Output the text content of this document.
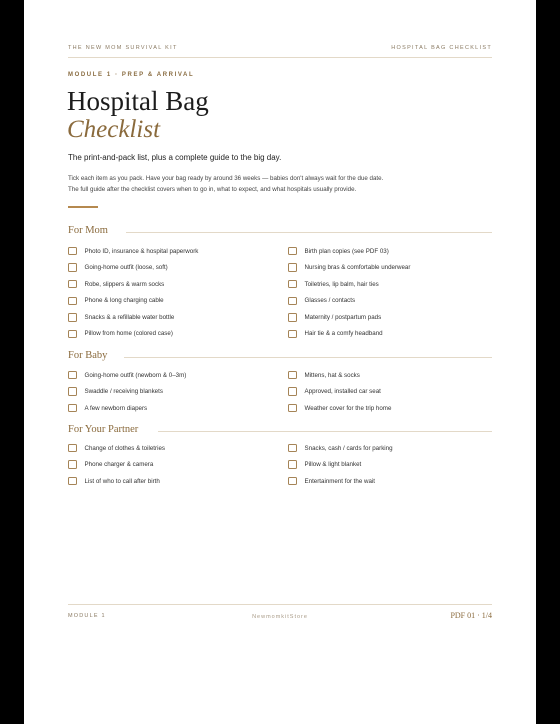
THE NEW MOM SURVIVAL KIT	HOSPITAL BAG CHECKLIST
MODULE 1 · PREP & ARRIVAL
Hospital Bag
Checklist
The print-and-pack list, plus a complete guide to the big day.
Tick each item as you pack. Have your bag ready by around 36 weeks — babies don't always wait for the due date.
The full guide after the checklist covers when to go in, what to expect, and what hospitals usually provide.
For Mom
Photo ID, insurance & hospital paperwork
Going-home outfit (loose, soft)
Robe, slippers & warm socks
Phone & long charging cable
Snacks & a refillable water bottle
Pillow from home (colored case)
Birth plan copies (see PDF 03)
Nursing bras & comfortable underwear
Toiletries, lip balm, hair ties
Glasses / contacts
Maternity / postpartum pads
Hair tie & a comfy headband
For Baby
Going-home outfit (newborn & 0–3m)
Swaddle / receiving blankets
A few newborn diapers
Mittens, hat & socks
Approved, installed car seat
Weather cover for the trip home
For Your Partner
Change of clothes & toiletries
Phone charger & camera
List of who to call after birth
Snacks, cash / cards for parking
Pillow & light blanket
Entertainment for the wait
MODULE 1	NewmomkitStore	PDF 01 · 1/4
